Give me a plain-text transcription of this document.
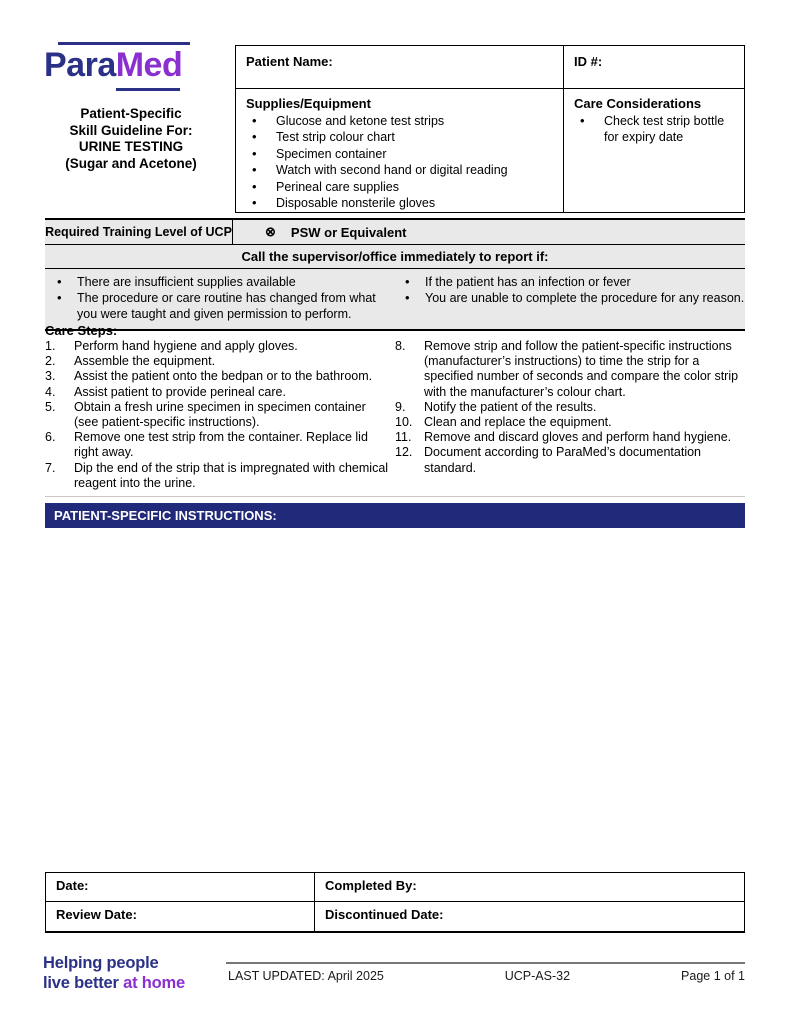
ParaMed
Patient-Specific
Skill Guideline For:
URINE TESTING
(Sugar and Acetone)
Patient Name:	ID #:
Supplies/Equipment
• Glucose and ketone test strips
• Test strip colour chart
• Specimen container
• Watch with second hand or digital reading
• Perineal care supplies
• Disposable nonsterile gloves
Care Considerations
• Check test strip bottle for expiry date
Required Training Level of UCP	⊗ PSW or Equivalent
Call the supervisor/office immediately to report if:
• There are insufficient supplies available
• The procedure or care routine has changed from what you were taught and given permission to perform.
• If the patient has an infection or fever
• You are unable to complete the procedure for any reason.
Care Steps:
1.	Perform hand hygiene and apply gloves.
2.	Assemble the equipment.
3.	Assist the patient onto the bedpan or to the bathroom.
4.	Assist patient to provide perineal care.
5.	Obtain a fresh urine specimen in specimen container (see patient-specific instructions).
6.	Remove one test strip from the container. Replace lid right away.
7.	Dip the end of the strip that is impregnated with chemical reagent into the urine.
8.	Remove strip and follow the patient-specific instructions (manufacturer’s instructions) to time the strip for a specified number of seconds and compare the color strip with the manufacturer’s colour chart.
9.	Notify the patient of the results.
10. Clean and replace the equipment.
11.	Remove and discard gloves and perform hand hygiene.
12. Document according to ParaMed’s documentation standard.
PATIENT-SPECIFIC INSTRUCTIONS:
Date:	Completed By:
Review Date:	Discontinued Date:
Helping people
live better at home	LAST UPDATED: April 2025	UCP-AS-32	Page 1 of 1
